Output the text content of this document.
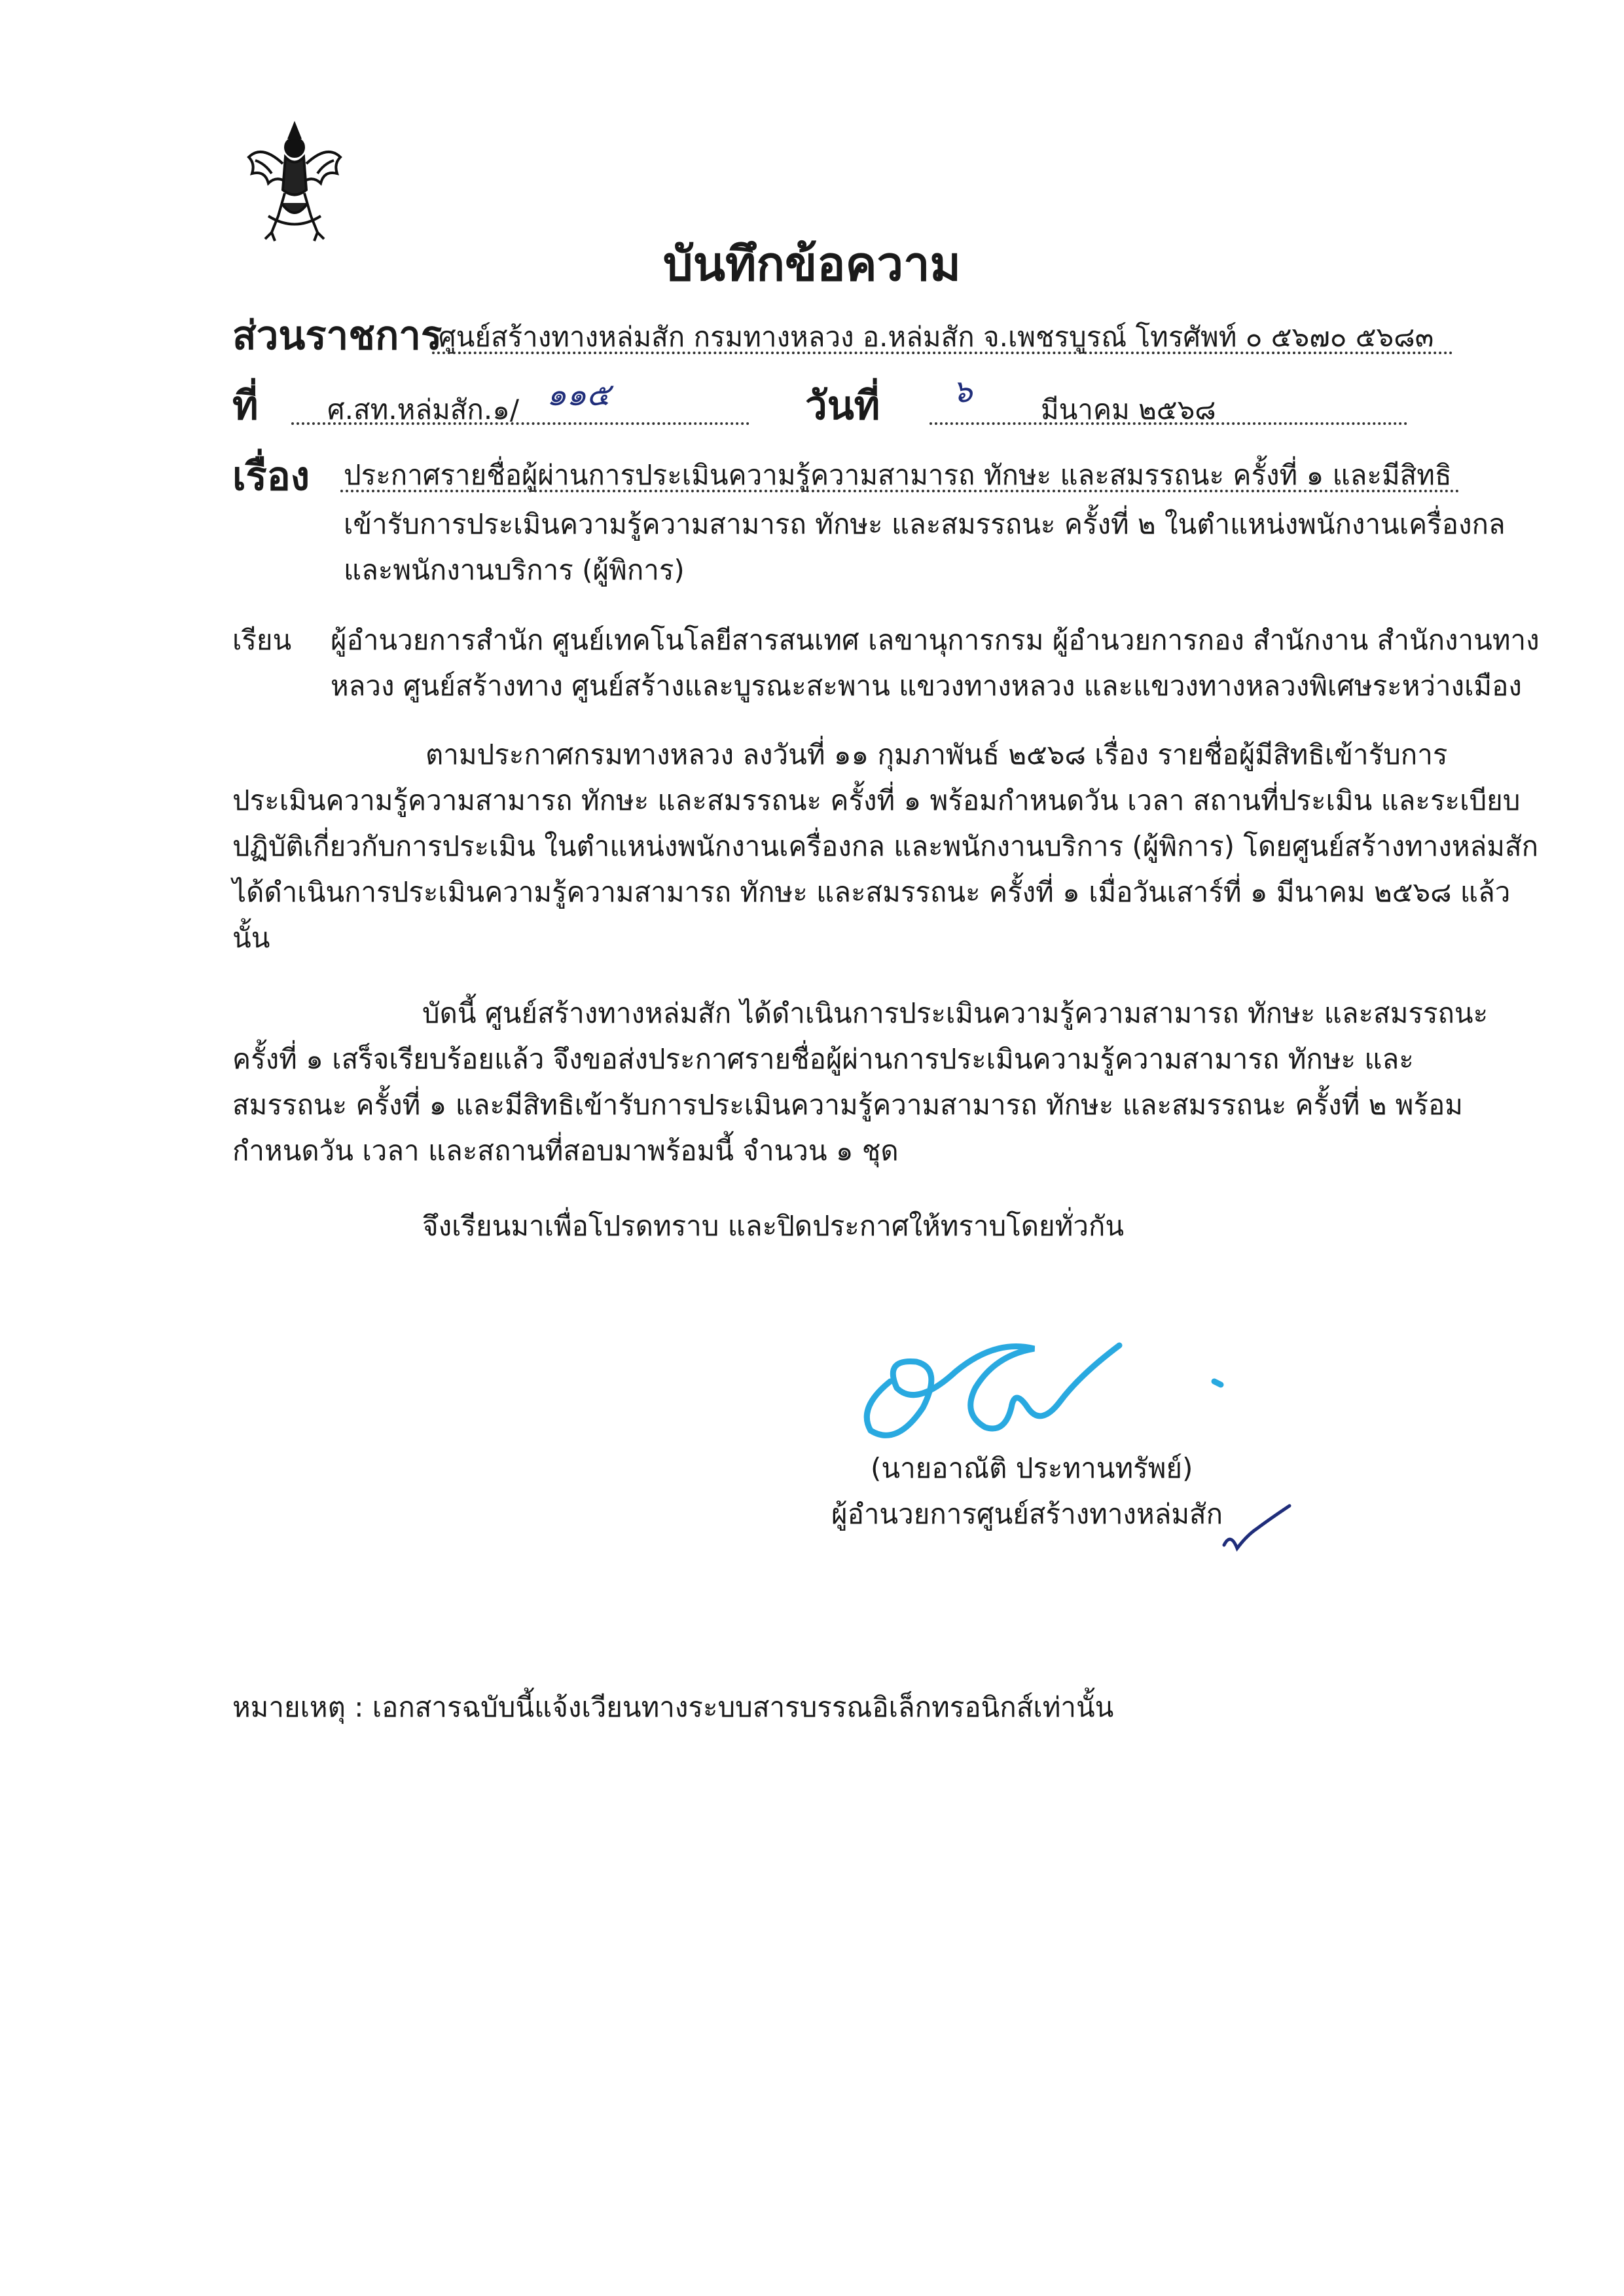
บันทึกข้อความ
ส่วนราชการ
ศูนย์สร้างทางหล่มสัก กรมทางหลวง อ.หล่มสัก จ.เพชรบูรณ์ โทรศัพท์ ๐ ๕๖๗๐ ๕๖๘๓
ที่	ศ.สท.หล่มสัก.๑/ ๑๑๕	วันที่ ๖ มีนาคม ๒๕๖๘
เรื่อง ประกาศรายชื่อผู้ผ่านการประเมินความรู้ความสามารถ ทักษะ และสมรรถนะ ครั้งที่ ๑ และมีสิทธิ
เข้ารับการประเมินความรู้ความสามารถ ทักษะ และสมรรถนะ ครั้งที่ ๒ ในตำแหน่งพนักงานเครื่องกล
และพนักงานบริการ (ผู้พิการ)
เรียน ผู้อำนวยการสำนัก ศูนย์เทคโนโลยีสารสนเทศ เลขานุการกรม ผู้อำนวยการกอง สำนักงาน สำนักงานทาง
หลวง ศูนย์สร้างทาง ศูนย์สร้างและบูรณะสะพาน แขวงทางหลวง และแขวงทางหลวงพิเศษระหว่างเมือง
ตามประกาศกรมทางหลวง ลงวันที่ ๑๑ กุมภาพันธ์ ๒๕๖๘ เรื่อง รายชื่อผู้มีสิทธิเข้ารับการ
ประเมินความรู้ความสามารถ ทักษะ และสมรรถนะ ครั้งที่ ๑ พร้อมกำหนดวัน เวลา สถานที่ประเมิน และระเบียบ
ปฏิบัติเกี่ยวกับการประเมิน ในตำแหน่งพนักงานเครื่องกล และพนักงานบริการ (ผู้พิการ) โดยศูนย์สร้างทางหล่มสัก
ได้ดำเนินการประเมินความรู้ความสามารถ ทักษะ และสมรรถนะ ครั้งที่ ๑ เมื่อวันเสาร์ที่ ๑ มีนาคม ๒๕๖๘ แล้ว
นั้น
บัดนี้ ศูนย์สร้างทางหล่มสัก ได้ดำเนินการประเมินความรู้ความสามารถ ทักษะ และสมรรถนะ
ครั้งที่ ๑ เสร็จเรียบร้อยแล้ว จึงขอส่งประกาศรายชื่อผู้ผ่านการประเมินความรู้ความสามารถ ทักษะ และ
สมรรถนะ ครั้งที่ ๑ และมีสิทธิเข้ารับการประเมินความรู้ความสามารถ ทักษะ และสมรรถนะ ครั้งที่ ๒ พร้อม
กำหนดวัน เวลา และสถานที่สอบมาพร้อมนี้ จำนวน ๑ ชุด
จึงเรียนมาเพื่อโปรดทราบ และปิดประกาศให้ทราบโดยทั่วกัน
(นายอาณัติ ประทานทรัพย์)
ผู้อำนวยการศูนย์สร้างทางหล่มสัก
หมายเหตุ : เอกสารฉบับนี้แจ้งเวียนทางระบบสารบรรณอิเล็กทรอนิกส์เท่านั้น
